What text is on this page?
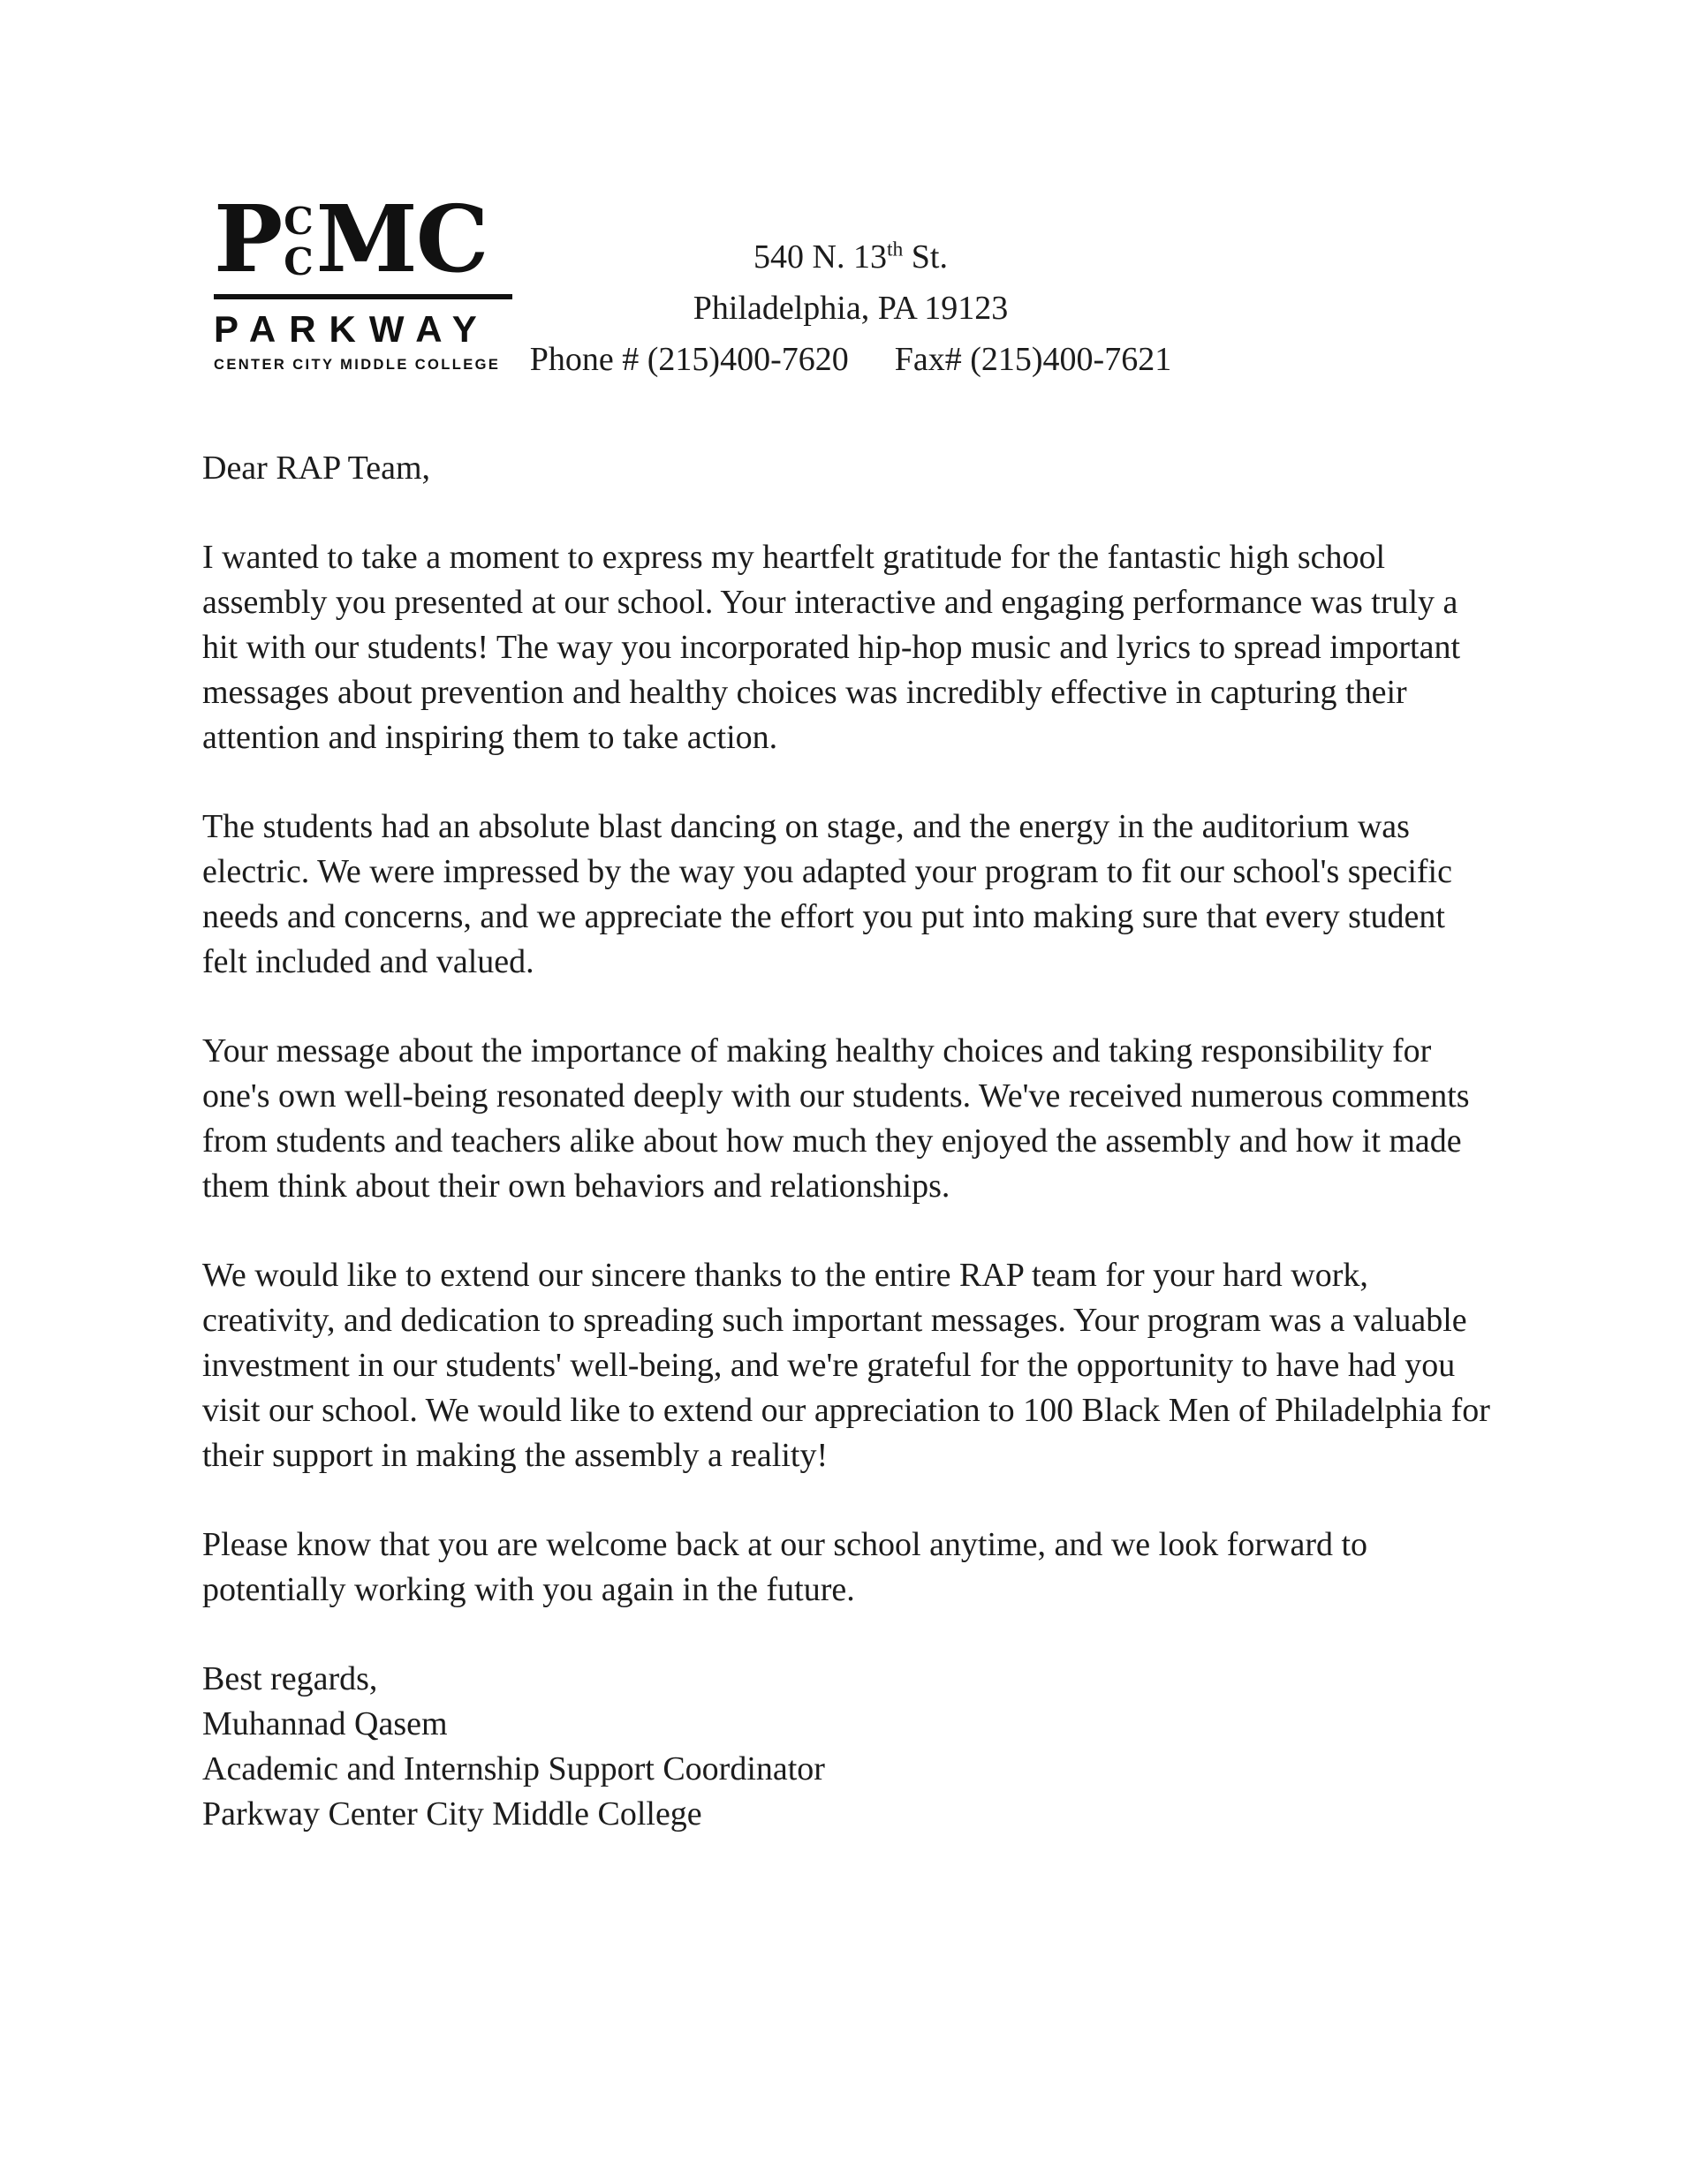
P C
C MC
PARKWAY
CENTER CITY MIDDLE COLLEGE
540 N. 13th St.
Philadelphia, PA 19123
Phone # (215)400-7620 Fax# (215)400-7621
Dear RAP Team,

I wanted to take a moment to express my heartfelt gratitude for the fantastic high school assembly you presented at our school. Your interactive and engaging performance was truly a hit with our students! The way you incorporated hip-hop music and lyrics to spread important messages about prevention and healthy choices was incredibly effective in capturing their attention and inspiring them to take action.

The students had an absolute blast dancing on stage, and the energy in the auditorium was electric. We were impressed by the way you adapted your program to fit our school's specific needs and concerns, and we appreciate the effort you put into making sure that every student felt included and valued.

Your message about the importance of making healthy choices and taking responsibility for one's own well-being resonated deeply with our students. We've received numerous comments from students and teachers alike about how much they enjoyed the assembly and how it made them think about their own behaviors and relationships.

We would like to extend our sincere thanks to the entire RAP team for your hard work, creativity, and dedication to spreading such important messages. Your program was a valuable investment in our students' well-being, and we're grateful for the opportunity to have had you visit our school. We would like to extend our appreciation to 100 Black Men of Philadelphia for their support in making the assembly a reality!

Please know that you are welcome back at our school anytime, and we look forward to potentially working with you again in the future.

Best regards,
Muhannad Qasem
Academic and Internship Support Coordinator
Parkway Center City Middle College
